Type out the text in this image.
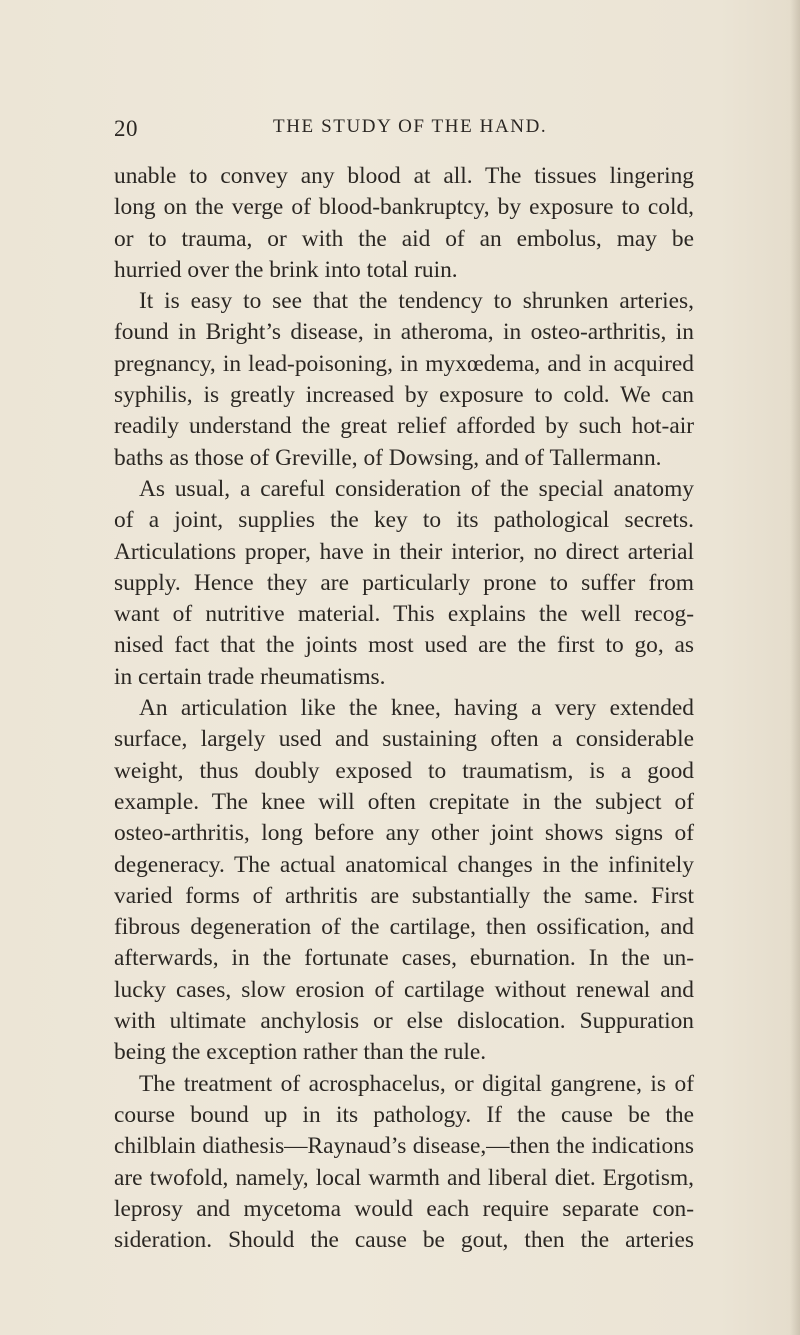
20	THE STUDY OF THE HAND.
unable to convey any blood at all. The tissues lingering
long on the verge of blood-bankruptcy, by exposure to cold,
or to trauma, or with the aid of an embolus, may be
hurried over the brink into total ruin.
It is easy to see that the tendency to shrunken arteries,
found in Bright’s disease, in atheroma, in osteo-arthritis, in
pregnancy, in lead-poisoning, in myxœdema, and in acquired
syphilis, is greatly increased by exposure to cold. We can
readily understand the great relief afforded by such hot-air
baths as those of Greville, of Dowsing, and of Tallermann.
As usual, a careful consideration of the special anatomy
of a joint, supplies the key to its pathological secrets.
Articulations proper, have in their interior, no direct arterial
supply. Hence they are particularly prone to suffer from
want of nutritive material. This explains the well recog-
nised fact that the joints most used are the first to go, as
in certain trade rheumatisms.
An articulation like the knee, having a very extended
surface, largely used and sustaining often a considerable
weight, thus doubly exposed to traumatism, is a good
example. The knee will often crepitate in the subject of
osteo-arthritis, long before any other joint shows signs of
degeneracy. The actual anatomical changes in the infinitely
varied forms of arthritis are substantially the same. First
fibrous degeneration of the cartilage, then ossification, and
afterwards, in the fortunate cases, eburnation. In the un-
lucky cases, slow erosion of cartilage without renewal and
with ultimate anchylosis or else dislocation. Suppuration
being the exception rather than the rule.
The treatment of acrosphacelus, or digital gangrene, is of
course bound up in its pathology. If the cause be the
chilblain diathesis—Raynaud’s disease,—then the indications
are twofold, namely, local warmth and liberal diet. Ergotism,
leprosy and mycetoma would each require separate con-
sideration. Should the cause be gout, then the arteries
